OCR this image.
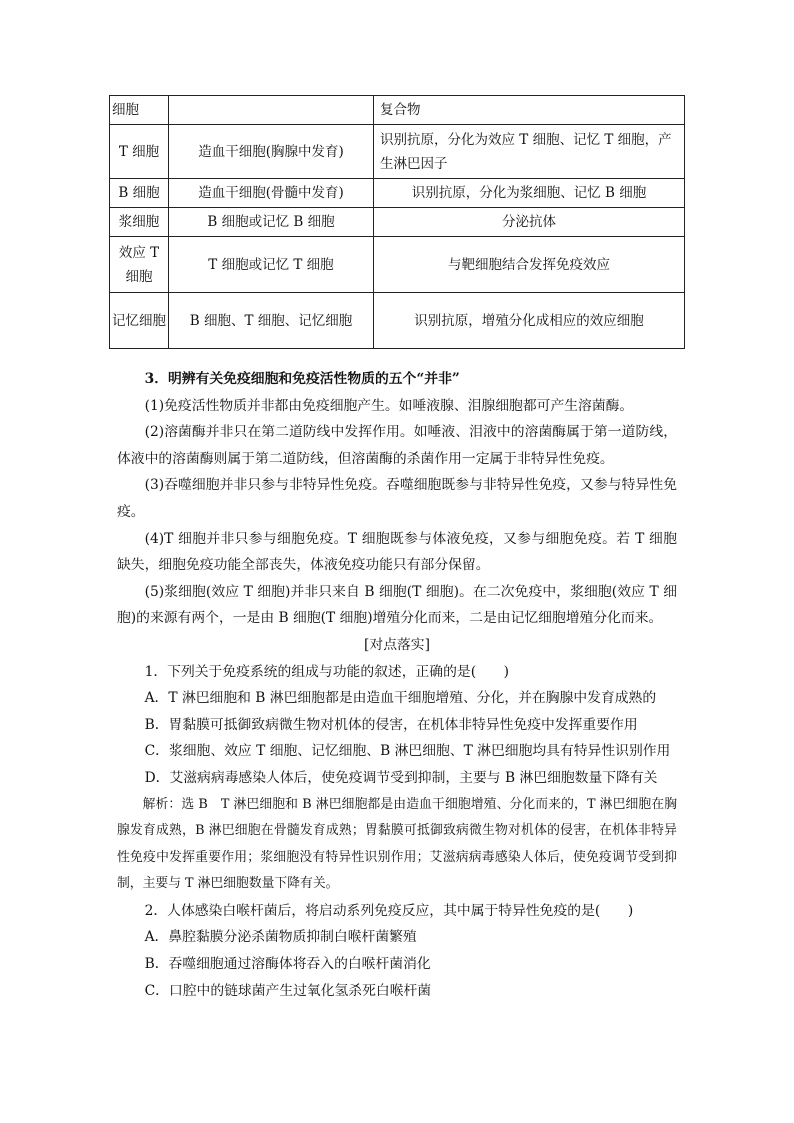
细胞		复合物
T 细胞	造血干细胞(胸腺中发育)	识别抗原，分化为效应 T 细胞、记忆 T 细胞，产生淋巴因子
B 细胞	造血干细胞(骨髓中发育)	识别抗原，分化为浆细胞、记忆 B 细胞
浆细胞	B 细胞或记忆 B 细胞	分泌抗体
效应 T 细胞	T 细胞或记忆 T 细胞	与靶细胞结合发挥免疫效应
记忆细胞	B 细胞、T 细胞、记忆细胞	识别抗原，增殖分化成相应的效应细胞

3．明辨有关免疫细胞和免疫活性物质的五个“并非”

(1)免疫活性物质并非都由免疫细胞产生。如唾液腺、泪腺细胞都可产生溶菌酶。

(2)溶菌酶并非只在第二道防线中发挥作用。如唾液、泪液中的溶菌酶属于第一道防线，体液中的溶菌酶则属于第二道防线，但溶菌酶的杀菌作用一定属于非特异性免疫。

(3)吞噬细胞并非只参与非特异性免疫。吞噬细胞既参与非特异性免疫，又参与特异性免疫。

(4)T 细胞并非只参与细胞免疫。T 细胞既参与体液免疫，又参与细胞免疫。若 T 细胞缺失，细胞免疫功能全部丧失，体液免疫功能只有部分保留。

(5)浆细胞(效应 T 细胞)并非只来自 B 细胞(T 细胞)。在二次免疫中，浆细胞(效应 T 细胞)的来源有两个，一是由 B 细胞(T 细胞)增殖分化而来，二是由记忆细胞增殖分化而来。

[对点落实]

1．下列关于免疫系统的组成与功能的叙述，正确的是(　　)

A．T 淋巴细胞和 B 淋巴细胞都是由造血干细胞增殖、分化，并在胸腺中发育成熟的

B．胃黏膜可抵御致病微生物对机体的侵害，在机体非特异性免疫中发挥重要作用

C．浆细胞、效应 T 细胞、记忆细胞、B 淋巴细胞、T 淋巴细胞均具有特异性识别作用

D．艾滋病病毒感染人体后，使免疫调节受到抑制，主要与 B 淋巴细胞数量下降有关

解析：选 B　T 淋巴细胞和 B 淋巴细胞都是由造血干细胞增殖、分化而来的，T 淋巴细胞在胸腺发育成熟，B 淋巴细胞在骨髓发育成熟；胃黏膜可抵御致病微生物对机体的侵害，在机体非特异性免疫中发挥重要作用；浆细胞没有特异性识别作用；艾滋病病毒感染人体后，使免疫调节受到抑制，主要与 T 淋巴细胞数量下降有关。

2．人体感染白喉杆菌后，将启动系列免疫反应，其中属于特异性免疫的是(　　)

A．鼻腔黏膜分泌杀菌物质抑制白喉杆菌繁殖

B．吞噬细胞通过溶酶体将吞入的白喉杆菌消化

C．口腔中的链球菌产生过氧化氢杀死白喉杆菌
